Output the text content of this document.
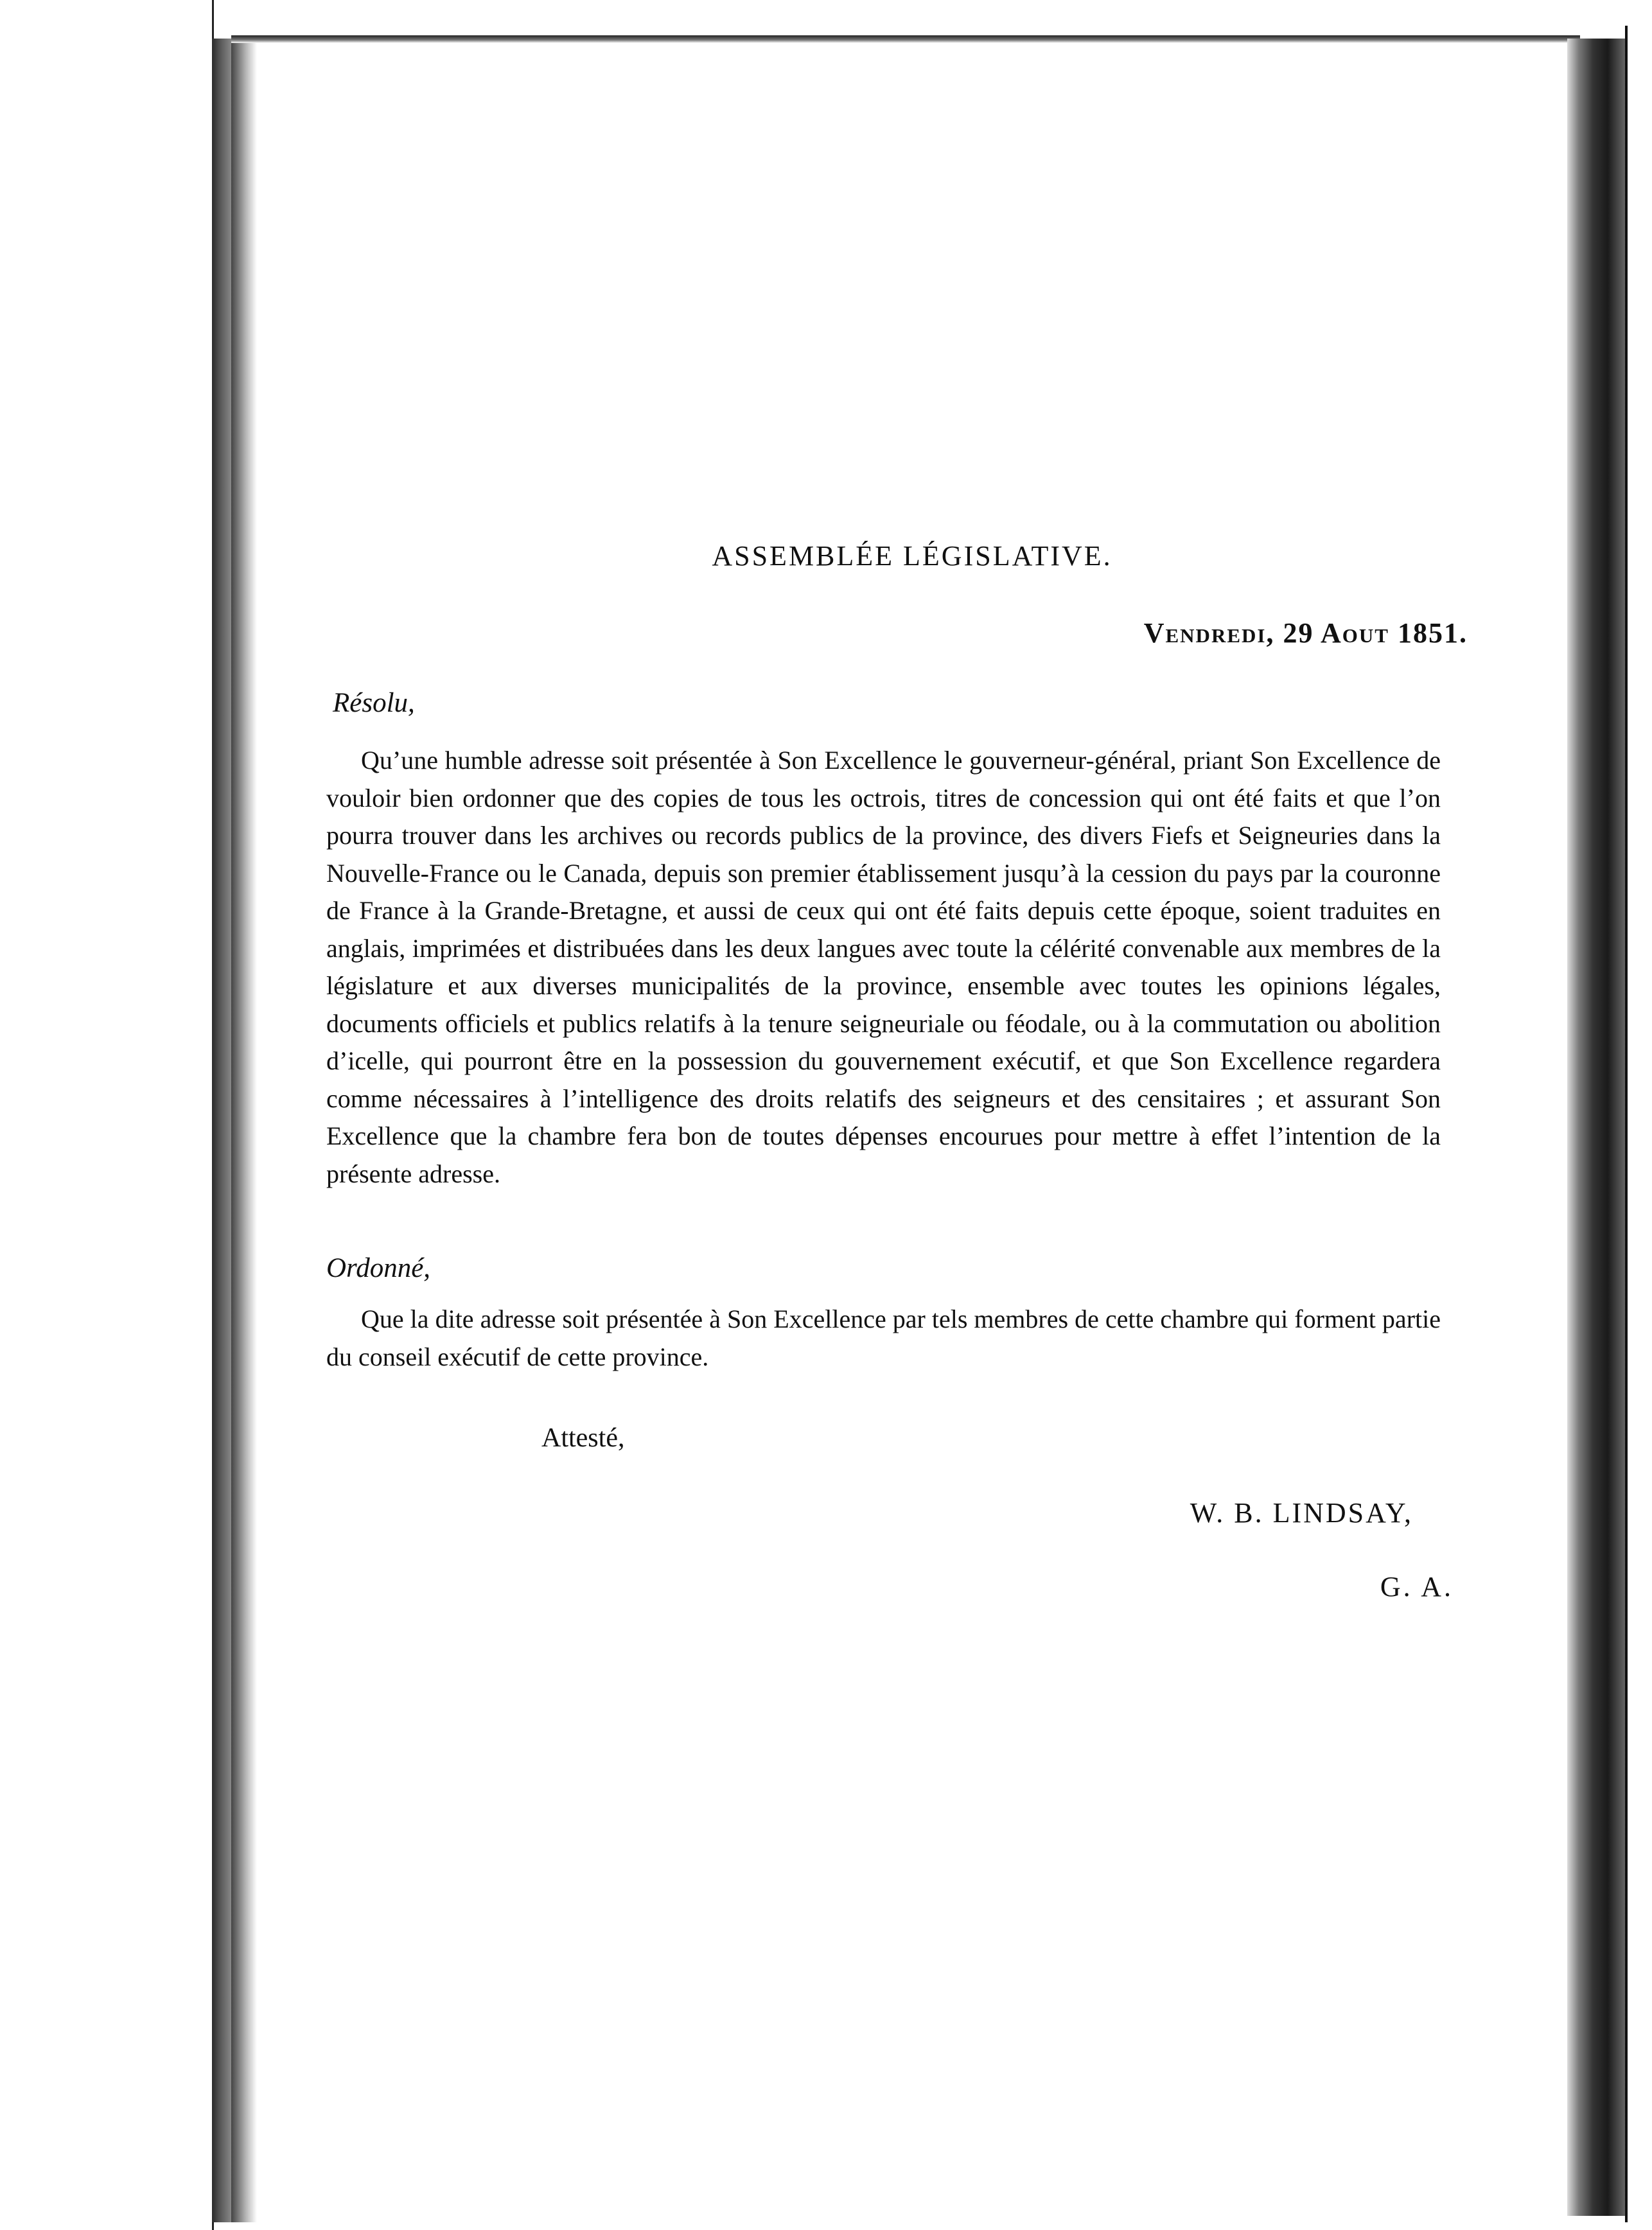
ASSEMBLÉE LÉGISLATIVE.

Vendredi, 29 Aout 1851.

Résolu,

Qu’une humble adresse soit présentée à Son Excellence le gouverneur-général, priant Son Excellence de vouloir bien ordonner que des copies de tous les octrois, titres de concession qui ont été faits et que l’on pourra trouver dans les archives ou records publics de la province, des divers Fiefs et Seigneuries dans la Nouvelle-France ou le Canada, depuis son premier établissement jusqu’à la cession du pays par la couronne de France à la Grande-Bretagne, et aussi de ceux qui ont été faits depuis cette époque, soient traduites en anglais, imprimées et distribuées dans les deux langues avec toute la célérité convenable aux membres de la législature et aux diverses municipalités de la province, ensemble avec toutes les opinions légales, documents officiels et publics relatifs à la tenure seigneuriale ou féodale, ou à la commutation ou abolition d’icelle, qui pourront être en la possession du gouvernement exécutif, et que Son Excellence regardera comme nécessaires à l’intelligence des droits relatifs des seigneurs et des censitaires ; et assurant Son Excellence que la chambre fera bon de toutes dépenses encourues pour mettre à effet l’intention de la présente adresse.

Ordonné,

Que la dite adresse soit présentée à Son Excellence par tels membres de cette chambre qui forment partie du conseil exécutif de cette province.

Attesté,

W. B. LINDSAY,

G. A.
